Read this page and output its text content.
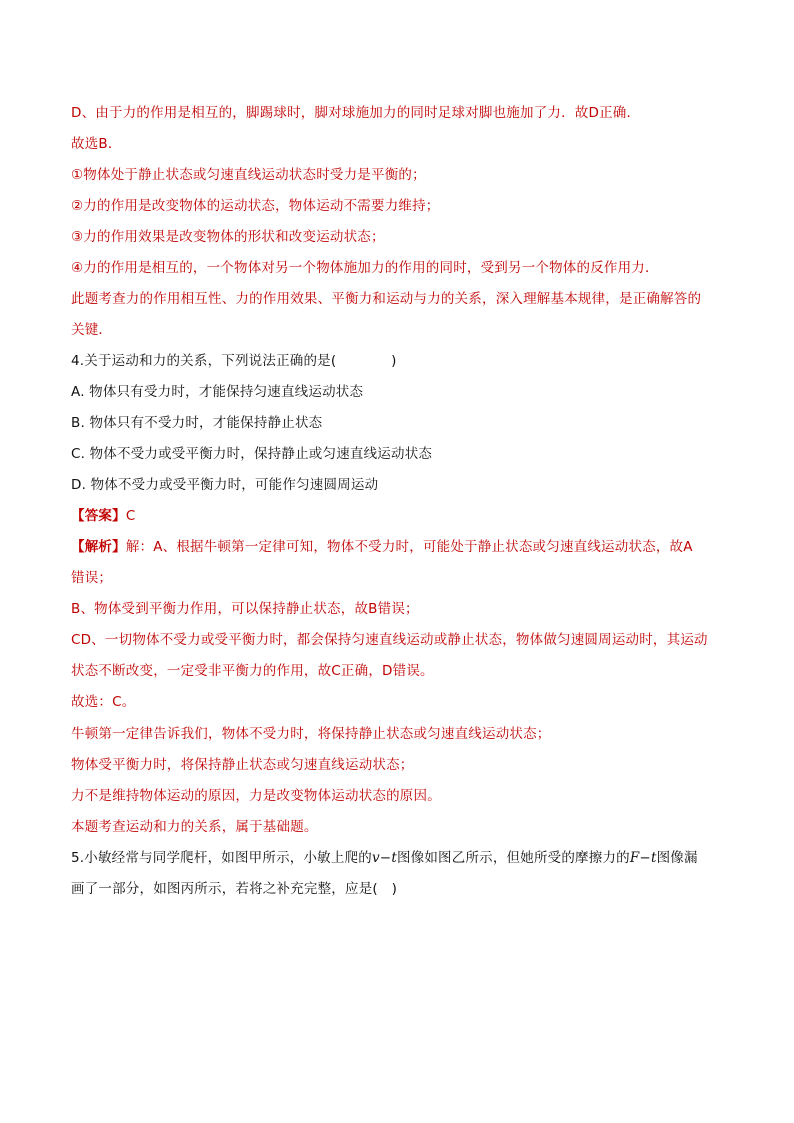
D、由于力的作用是相互的，脚踢球时，脚对球施加力的同时足球对脚也施加了力．故D正确．
故选B．
①物体处于静止状态或匀速直线运动状态时受力是平衡的；
②力的作用是改变物体的运动状态，物体运动不需要力维持；
③力的作用效果是改变物体的形状和改变运动状态；
④力的作用是相互的，一个物体对另一个物体施加力的作用的同时，受到另一个物体的反作用力．
此题考查力的作用相互性、力的作用效果、平衡力和运动与力的关系，深入理解基本规律，是正确解答的
关键．
4.关于运动和力的关系，下列说法正确的是(　　　　)
A. 物体只有受力时，才能保持匀速直线运动状态
B. 物体只有不受力时，才能保持静止状态
C. 物体不受力或受平衡力时，保持静止或匀速直线运动状态
D. 物体不受力或受平衡力时，可能作匀速圆周运动
【答案】C
【解析】解：A、根据牛顿第一定律可知，物体不受力时，可能处于静止状态或匀速直线运动状态，故A
错误；
B、物体受到平衡力作用，可以保持静止状态，故B错误；
CD、一切物体不受力或受平衡力时，都会保持匀速直线运动或静止状态，物体做匀速圆周运动时，其运动
状态不断改变，一定受非平衡力的作用，故C正确，D错误。
故选：C。
牛顿第一定律告诉我们，物体不受力时，将保持静止状态或匀速直线运动状态；
物体受平衡力时，将保持静止状态或匀速直线运动状态；
力不是维持物体运动的原因，力是改变物体运动状态的原因。
本题考查运动和力的关系，属于基础题。
5.小敏经常与同学爬杆，如图甲所示，小敏上爬的v−t图像如图乙所示，但她所受的摩擦力的F−t图像漏
画了一部分，如图丙所示，若将之补充完整，应是(　)
